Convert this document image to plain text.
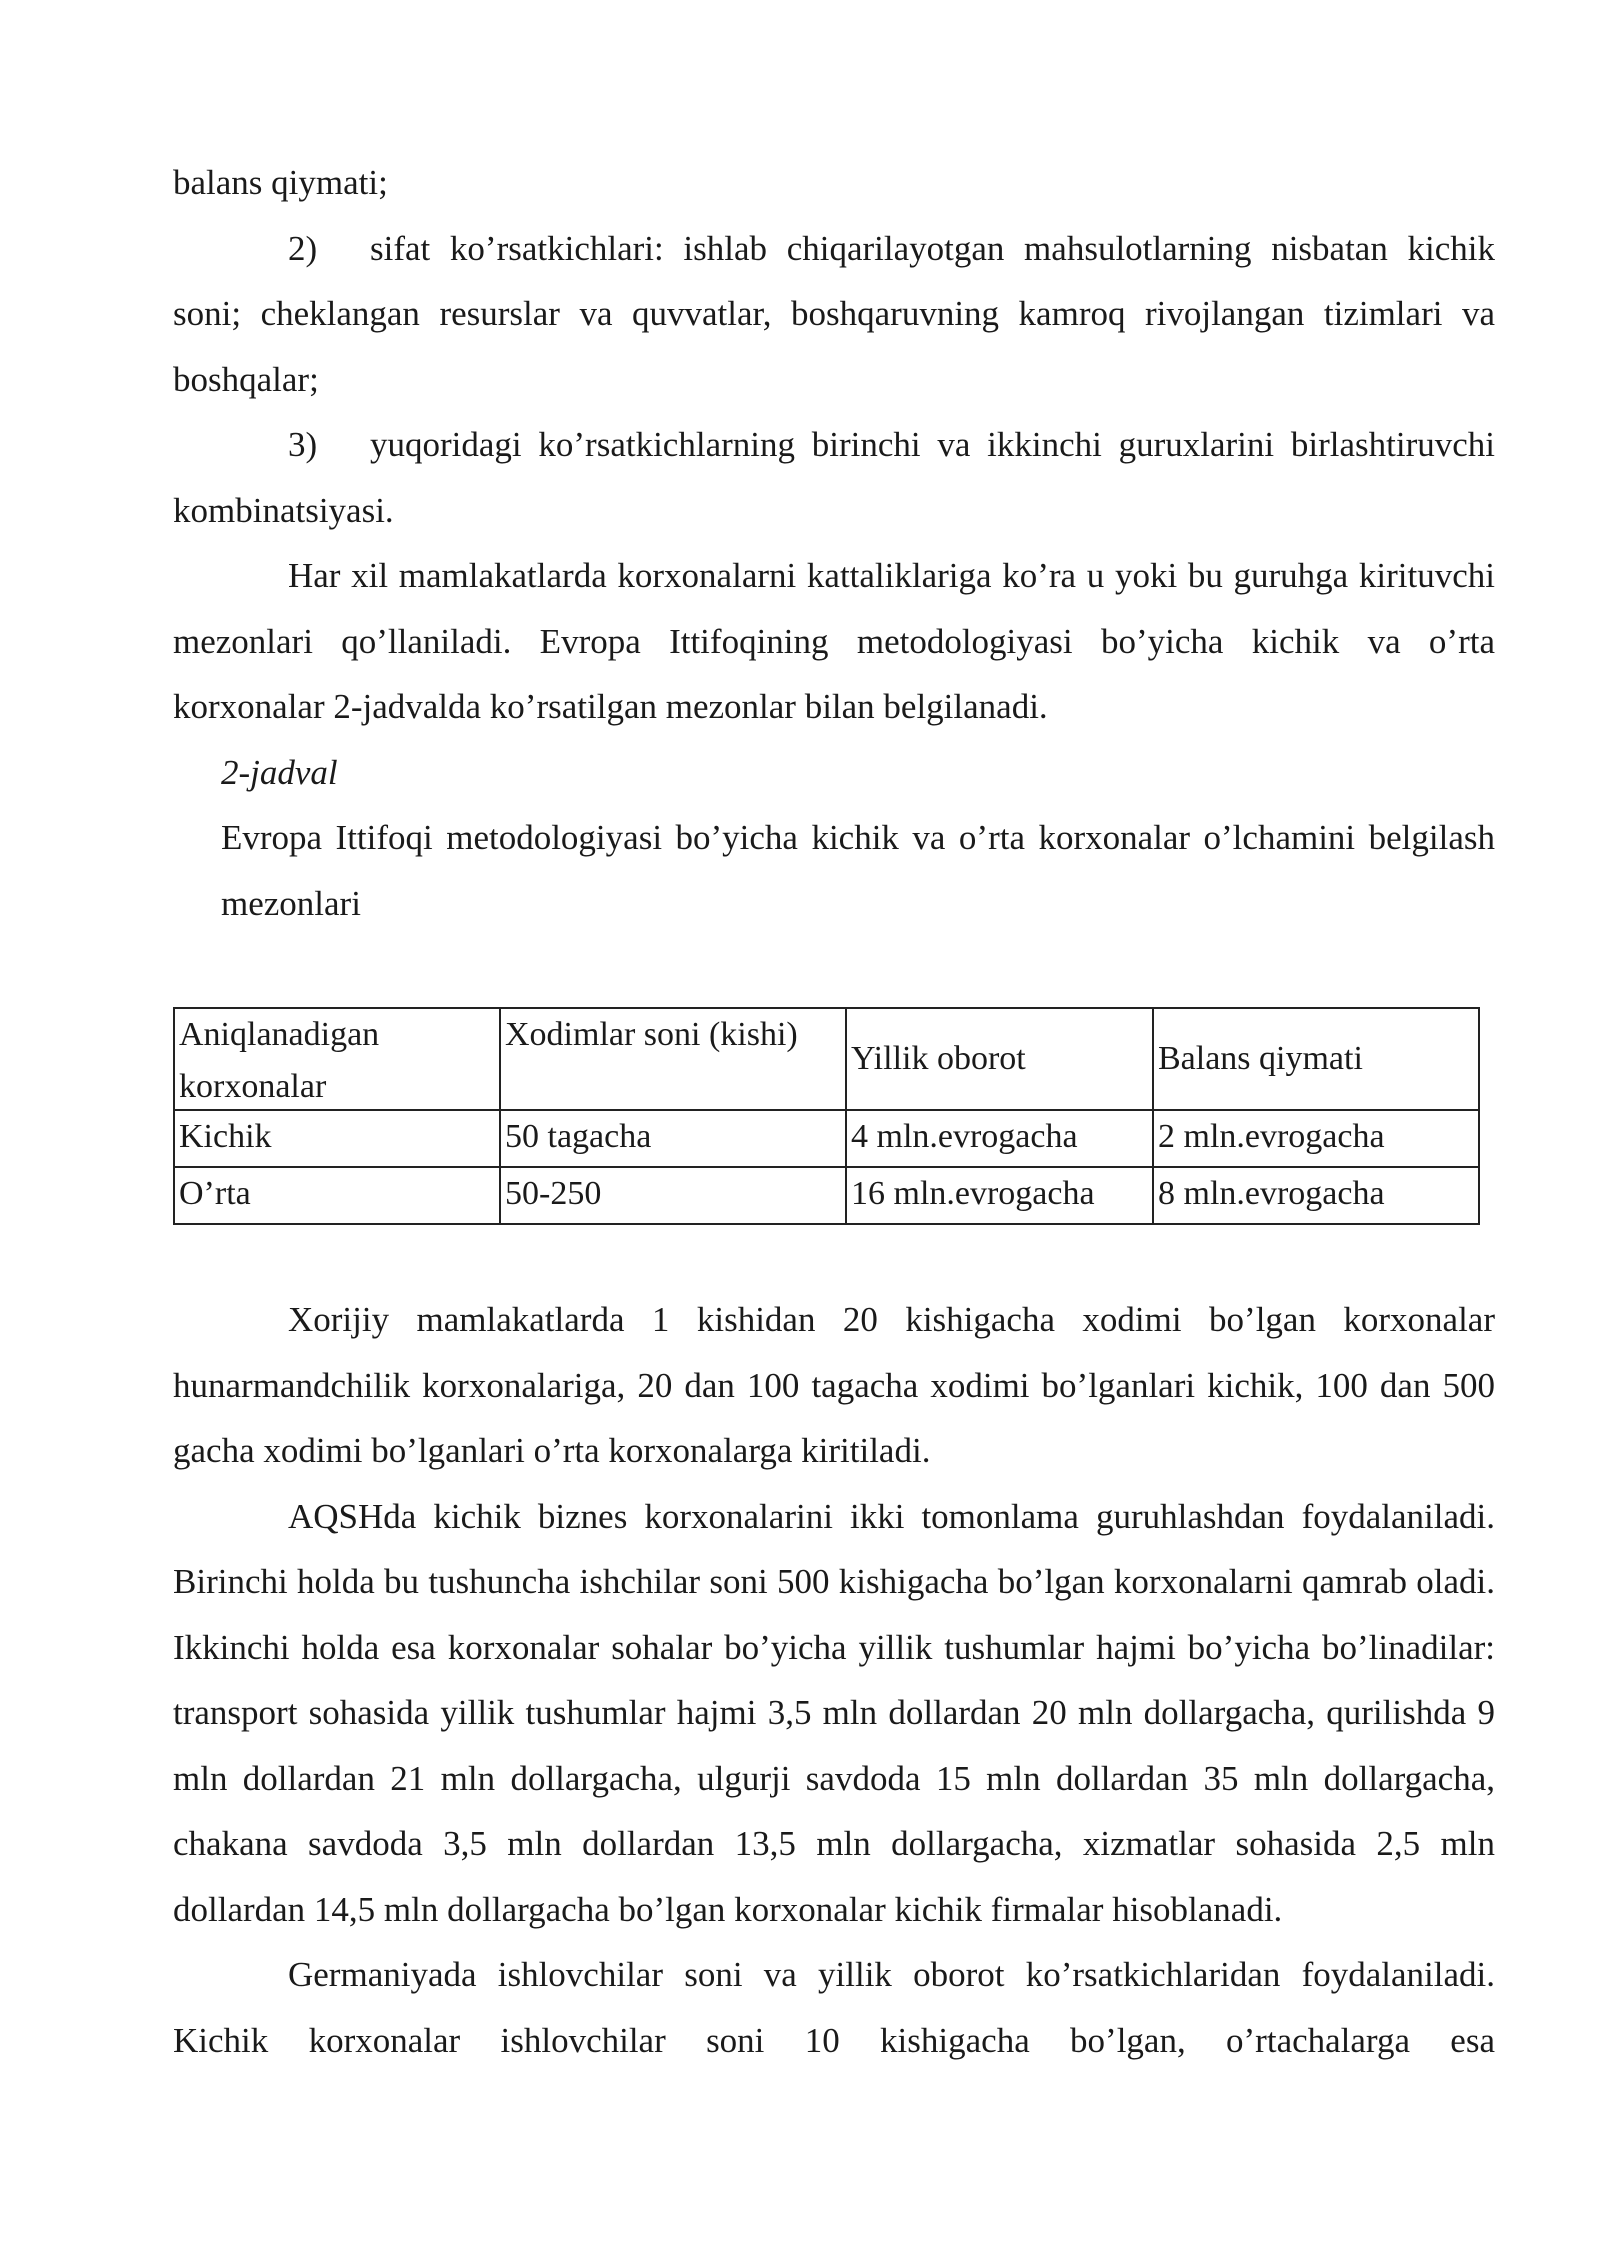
balans qiymati;

2) sifat ko’rsatkichlari: ishlab chiqarilayotgan mahsulotlarning nisbatan kichik soni; cheklangan resurslar va quvvatlar, boshqaruvning kamroq rivojlangan tizimlari va boshqalar;

3) yuqoridagi ko’rsatkichlarning birinchi va ikkinchi guruxlarini birlashtiruvchi kombinatsiyasi.

Har xil mamlakatlarda korxonalarni kattaliklariga ko’ra u yoki bu guruhga kirituvchi mezonlari qo’llaniladi. Evropa Ittifoqining metodologiyasi bo’yicha kichik va o’rta korxonalar 2-jadvalda ko’rsatilgan mezonlar bilan belgilanadi.

2-jadval
Evropa Ittifoqi metodologiyasi bo’yicha kichik va o’rta korxonalar o’lchamini belgilash mezonlari
Aniqlanadigan korxonalar	Xodimlar soni (kishi)	Yillik oborot	Balans qiymati
Kichik	50 tagacha	4 mln.evrogacha	2 mln.evrogacha
O’rta	50-250	16 mln.evrogacha	8 mln.evrogacha

Xorijiy mamlakatlarda 1 kishidan 20 kishigacha xodimi bo’lgan korxonalar hunarmandchilik korxonalariga, 20 dan 100 tagacha xodimi bo’lganlari kichik, 100 dan 500 gacha xodimi bo’lganlari o’rta korxonalarga kiritiladi.

AQSHda kichik biznes korxonalarini ikki tomonlama guruhlashdan foydalaniladi. Birinchi holda bu tushuncha ishchilar soni 500 kishigacha bo’lgan korxonalarni qamrab oladi. Ikkinchi holda esa korxonalar sohalar bo’yicha yillik tushumlar hajmi bo’yicha bo’linadilar: transport sohasida yillik tushumlar hajmi 3,5 mln dollardan 20 mln dollargacha, qurilishda 9 mln dollardan 21 mln dollargacha, ulgurji savdoda 15 mln dollardan 35 mln dollargacha, chakana savdoda 3,5 mln dollardan 13,5 mln dollargacha, xizmatlar sohasida 2,5 mln dollardan 14,5 mln dollargacha bo’lgan korxonalar kichik firmalar hisoblanadi.

Germaniyada ishlovchilar soni va yillik oborot ko’rsatkichlaridan foydalaniladi. Kichik korxonalar ishlovchilar soni 10 kishigacha bo’lgan, o’rtachalarga esa
